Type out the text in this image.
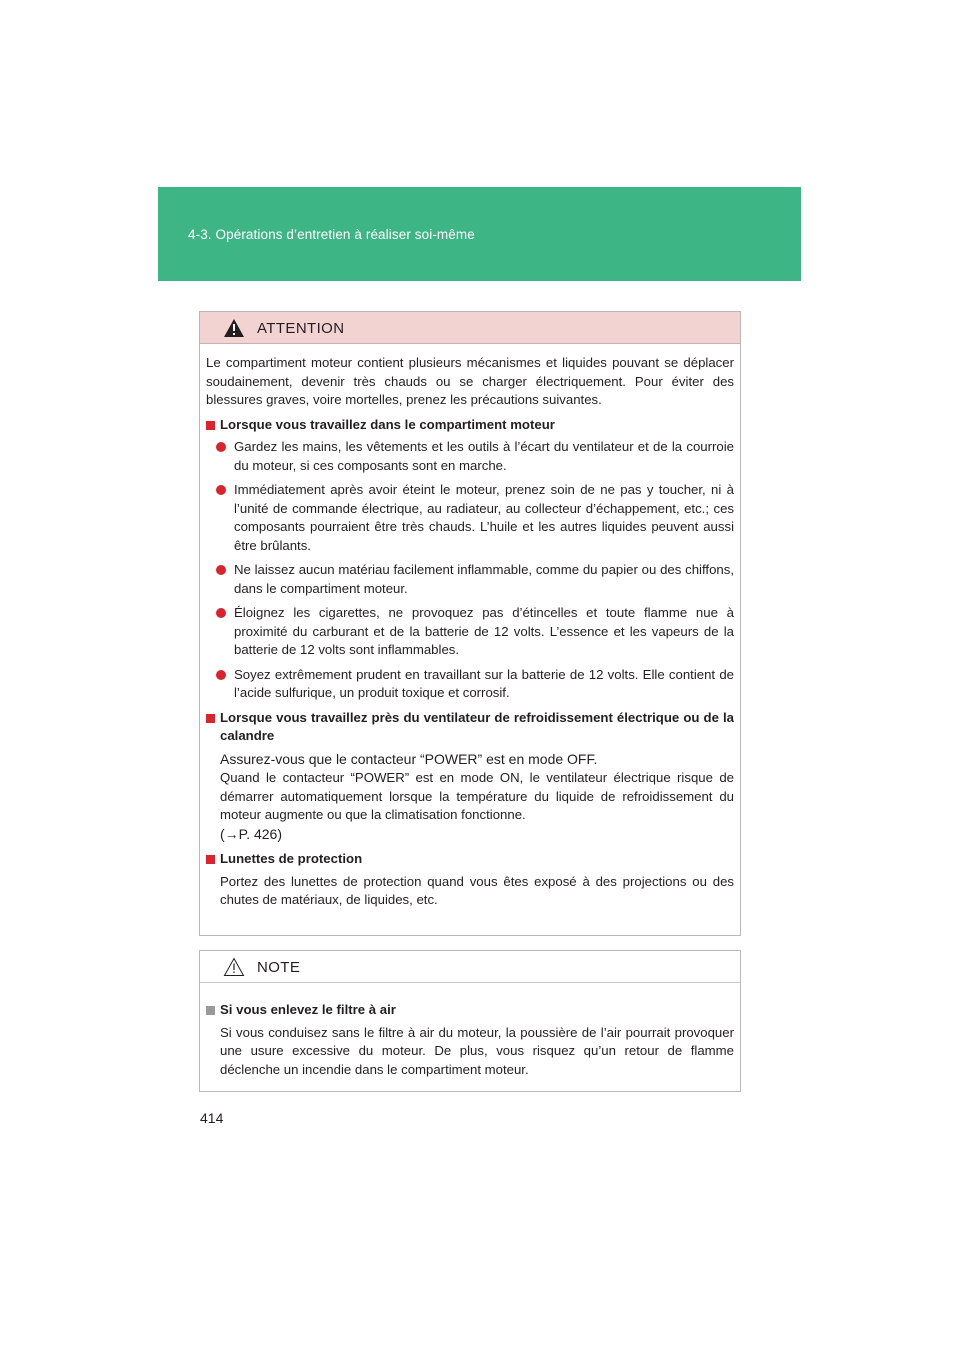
4-3. Opérations d’entretien à réaliser soi-même
ATTENTION

Le compartiment moteur contient plusieurs mécanismes et liquides pouvant se déplacer soudainement, devenir très chauds ou se charger électriquement. Pour éviter des blessures graves, voire mortelles, prenez les précautions suivantes.

Lorsque vous travaillez dans le compartiment moteur

Gardez les mains, les vêtements et les outils à l’écart du ventilateur et de la courroie du moteur, si ces composants sont en marche.

Immédiatement après avoir éteint le moteur, prenez soin de ne pas y toucher, ni à l’unité de commande électrique, au radiateur, au collecteur d’échappement, etc.; ces composants pourraient être très chauds. L’huile et les autres liquides peuvent aussi être brûlants.

Ne laissez aucun matériau facilement inflammable, comme du papier ou des chiffons, dans le compartiment moteur.

Éloignez les cigarettes, ne provoquez pas d’étincelles et toute flamme nue à proximité du carburant et de la batterie de 12 volts. L’essence et les vapeurs de la batterie de 12 volts sont inflammables.

Soyez extrêmement prudent en travaillant sur la batterie de 12 volts. Elle contient de l’acide sulfurique, un produit toxique et corrosif.

Lorsque vous travaillez près du ventilateur de refroidissement électrique ou de la calandre

Assurez-vous que le contacteur “POWER” est en mode OFF.

Quand le contacteur “POWER” est en mode ON, le ventilateur électrique risque de démarrer automatiquement lorsque la température du liquide de refroidissement du moteur augmente ou que la climatisation fonctionne.

(→P. 426)

Lunettes de protection

Portez des lunettes de protection quand vous êtes exposé à des projections ou des chutes de matériaux, de liquides, etc.

NOTE

Si vous enlevez le filtre à air

Si vous conduisez sans le filtre à air du moteur, la poussière de l’air pourrait provoquer une usure excessive du moteur. De plus, vous risquez qu’un retour de flamme déclenche un incendie dans le compartiment moteur.

414
